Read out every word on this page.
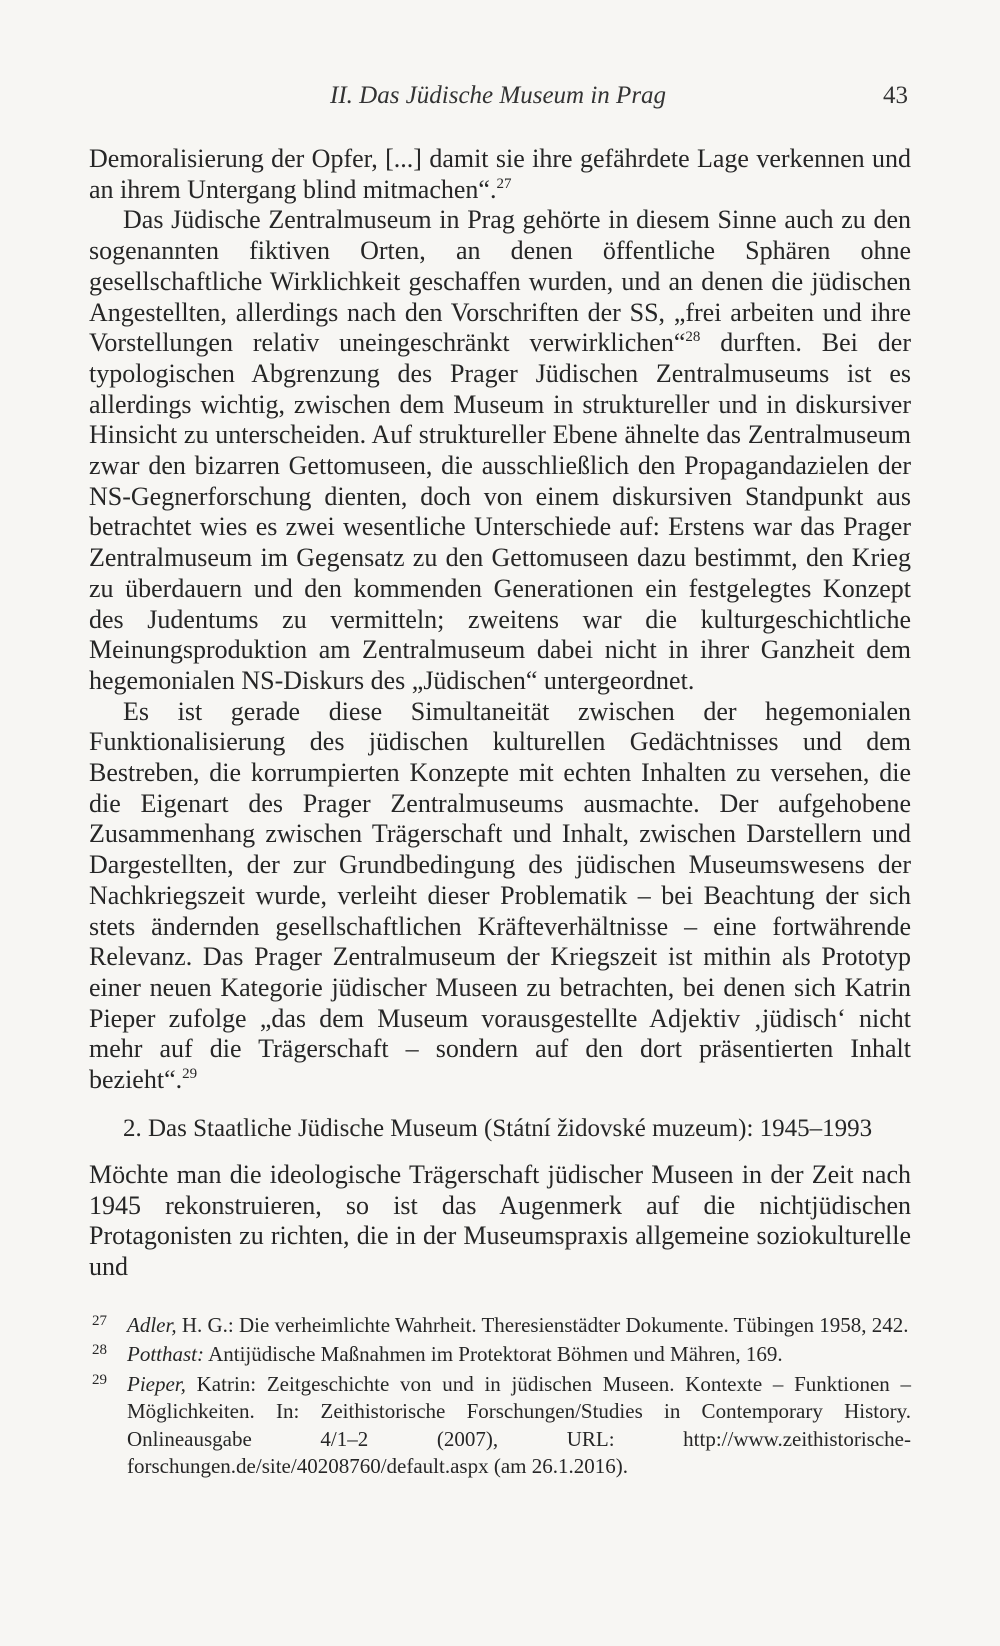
II. Das Jüdische Museum in Prag	43

Demoralisierung der Opfer, [...] damit sie ihre gefährdete Lage verkennen und an ihrem Untergang blind mitmachen“.$^{27}$

Das Jüdische Zentralmuseum in Prag gehörte in diesem Sinne auch zu den sogenannten fiktiven Orten, an denen öffentliche Sphären ohne gesellschaftliche Wirklichkeit geschaffen wurden, und an denen die jüdischen Angestellten, allerdings nach den Vorschriften der SS, „frei arbeiten und ihre Vorstellungen relativ uneingeschränkt verwirklichen“$^{28}$ durften. Bei der typologischen Abgrenzung des Prager Jüdischen Zentralmuseums ist es allerdings wichtig, zwischen dem Museum in struktureller und in diskursiver Hinsicht zu unterscheiden. Auf struktureller Ebene ähnelte das Zentralmuseum zwar den bizarren Gettomuseen, die ausschließlich den Propagandazielen der NS-Gegnerforschung dienten, doch von einem diskursiven Standpunkt aus betrachtet wies es zwei wesentliche Unterschiede auf: Erstens war das Prager Zentralmuseum im Gegensatz zu den Gettomuseen dazu bestimmt, den Krieg zu überdauern und den kommenden Generationen ein festgelegtes Konzept des Judentums zu vermitteln; zweitens war die kulturgeschichtliche Meinungsproduktion am Zentralmuseum dabei nicht in ihrer Ganzheit dem hegemonialen NS-Diskurs des „Jüdischen“ untergeordnet.

Es ist gerade diese Simultaneität zwischen der hegemonialen Funktionalisierung des jüdischen kulturellen Gedächtnisses und dem Bestreben, die korrumpierten Konzepte mit echten Inhalten zu versehen, die die Eigenart des Prager Zentralmuseums ausmachte. Der aufgehobene Zusammenhang zwischen Trägerschaft und Inhalt, zwischen Darstellern und Dargestellten, der zur Grundbedingung des jüdischen Museumswesens der Nachkriegszeit wurde, verleiht dieser Problematik – bei Beachtung der sich stets ändernden gesellschaftlichen Kräfteverhältnisse – eine fortwährende Relevanz. Das Prager Zentralmuseum der Kriegszeit ist mithin als Prototyp einer neuen Kategorie jüdischer Museen zu betrachten, bei denen sich Katrin Pieper zufolge „das dem Museum vorausgestellte Adjektiv ‚jüdisch‘ nicht mehr auf die Trägerschaft – sondern auf den dort präsentierten Inhalt bezieht“.$^{29}$

2. Das Staatliche Jüdische Museum (Státní židovské muzeum): 1945–1993

Möchte man die ideologische Trägerschaft jüdischer Museen in der Zeit nach 1945 rekonstruieren, so ist das Augenmerk auf die nichtjüdischen Protagonisten zu richten, die in der Museumspraxis allgemeine soziokulturelle und

27 Adler, H. G.: Die verheimlichte Wahrheit. Theresienstädter Dokumente. Tübingen 1958, 242.
28 Potthast: Antijüdische Maßnahmen im Protektorat Böhmen und Mähren, 169.
29 Pieper, Katrin: Zeitgeschichte von und in jüdischen Museen. Kontexte – Funktionen – Möglichkeiten. In: Zeithistorische Forschungen/Studies in Contemporary History. Onlineausgabe 4/1–2 (2007), URL: http://www.zeithistorische-forschungen.de/site/40208760/default.aspx (am 26.1.2016).
